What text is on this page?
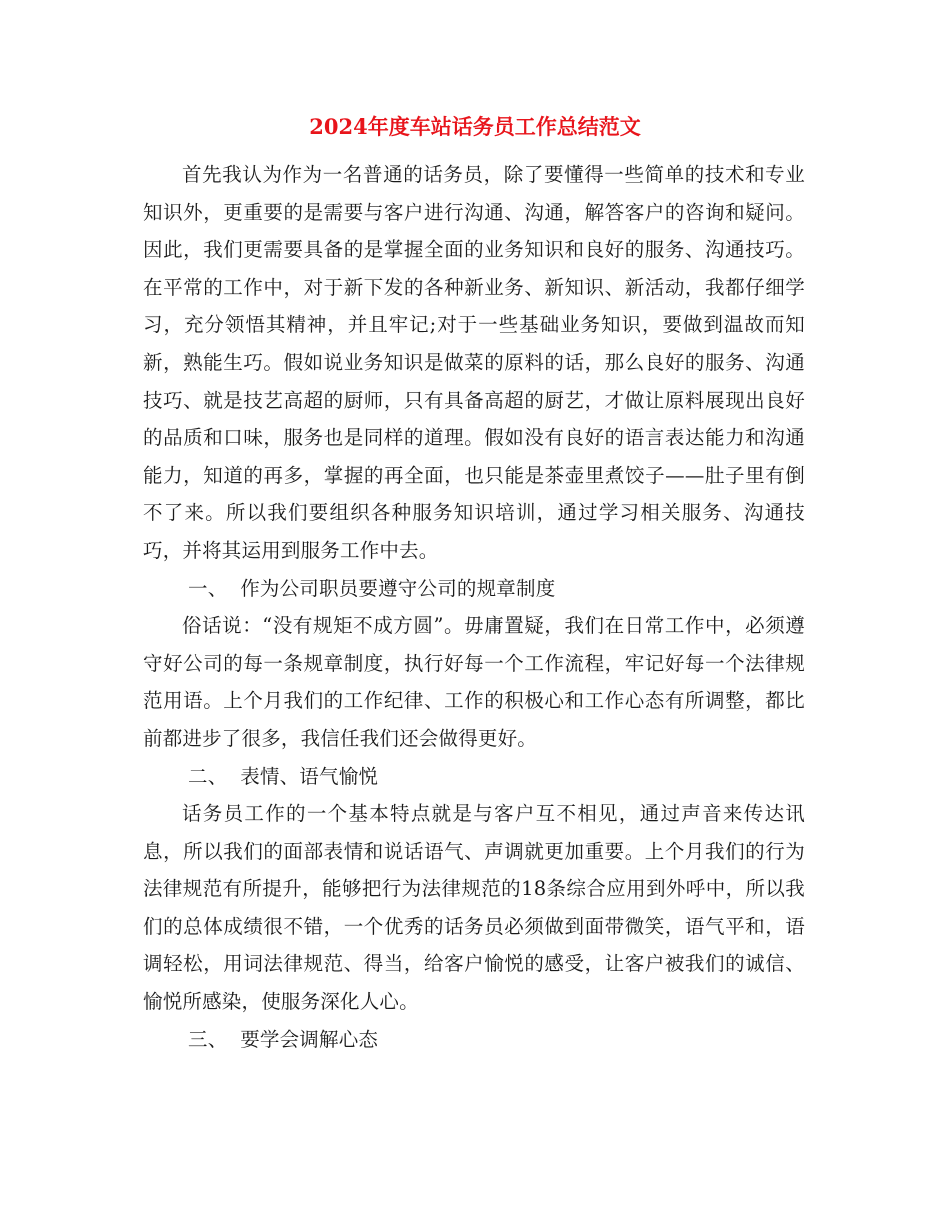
2024年度车站话务员工作总结范文

首先我认为作为一名普通的话务员，除了要懂得一些简单的技术和专业知识外，更重要的是需要与客户进行沟通、沟通，解答客户的咨询和疑问。因此，我们更需要具备的是掌握全面的业务知识和良好的服务、沟通技巧。在平常的工作中，对于新下发的各种新业务、新知识、新活动，我都仔细学习，充分领悟其精神，并且牢记;对于一些基础业务知识，要做到温故而知新，熟能生巧。假如说业务知识是做菜的原料的话，那么良好的服务、沟通技巧、就是技艺高超的厨师，只有具备高超的厨艺，才做让原料展现出良好的品质和口味，服务也是同样的道理。假如没有良好的语言表达能力和沟通能力，知道的再多，掌握的再全面，也只能是茶壶里煮饺子——肚子里有倒不了来。所以我们要组织各种服务知识培训，通过学习相关服务、沟通技巧，并将其运用到服务工作中去。

一、  作为公司职员要遵守公司的规章制度

俗话说：“没有规矩不成方圆”。毋庸置疑，我们在日常工作中，必须遵守好公司的每一条规章制度，执行好每一个工作流程，牢记好每一个法律规范用语。上个月我们的工作纪律、工作的积极心和工作心态有所调整，都比前都进步了很多，我信任我们还会做得更好。

二、  表情、语气愉悦

话务员工作的一个基本特点就是与客户互不相见，通过声音来传达讯息，所以我们的面部表情和说话语气、声调就更加重要。上个月我们的行为法律规范有所提升，能够把行为法律规范的18条综合应用到外呼中，所以我们的总体成绩很不错，一个优秀的话务员必须做到面带微笑，语气平和，语调轻松，用词法律规范、得当，给客户愉悦的感受，让客户被我们的诚信、愉悦所感染，使服务深化人心。

三、  要学会调解心态
